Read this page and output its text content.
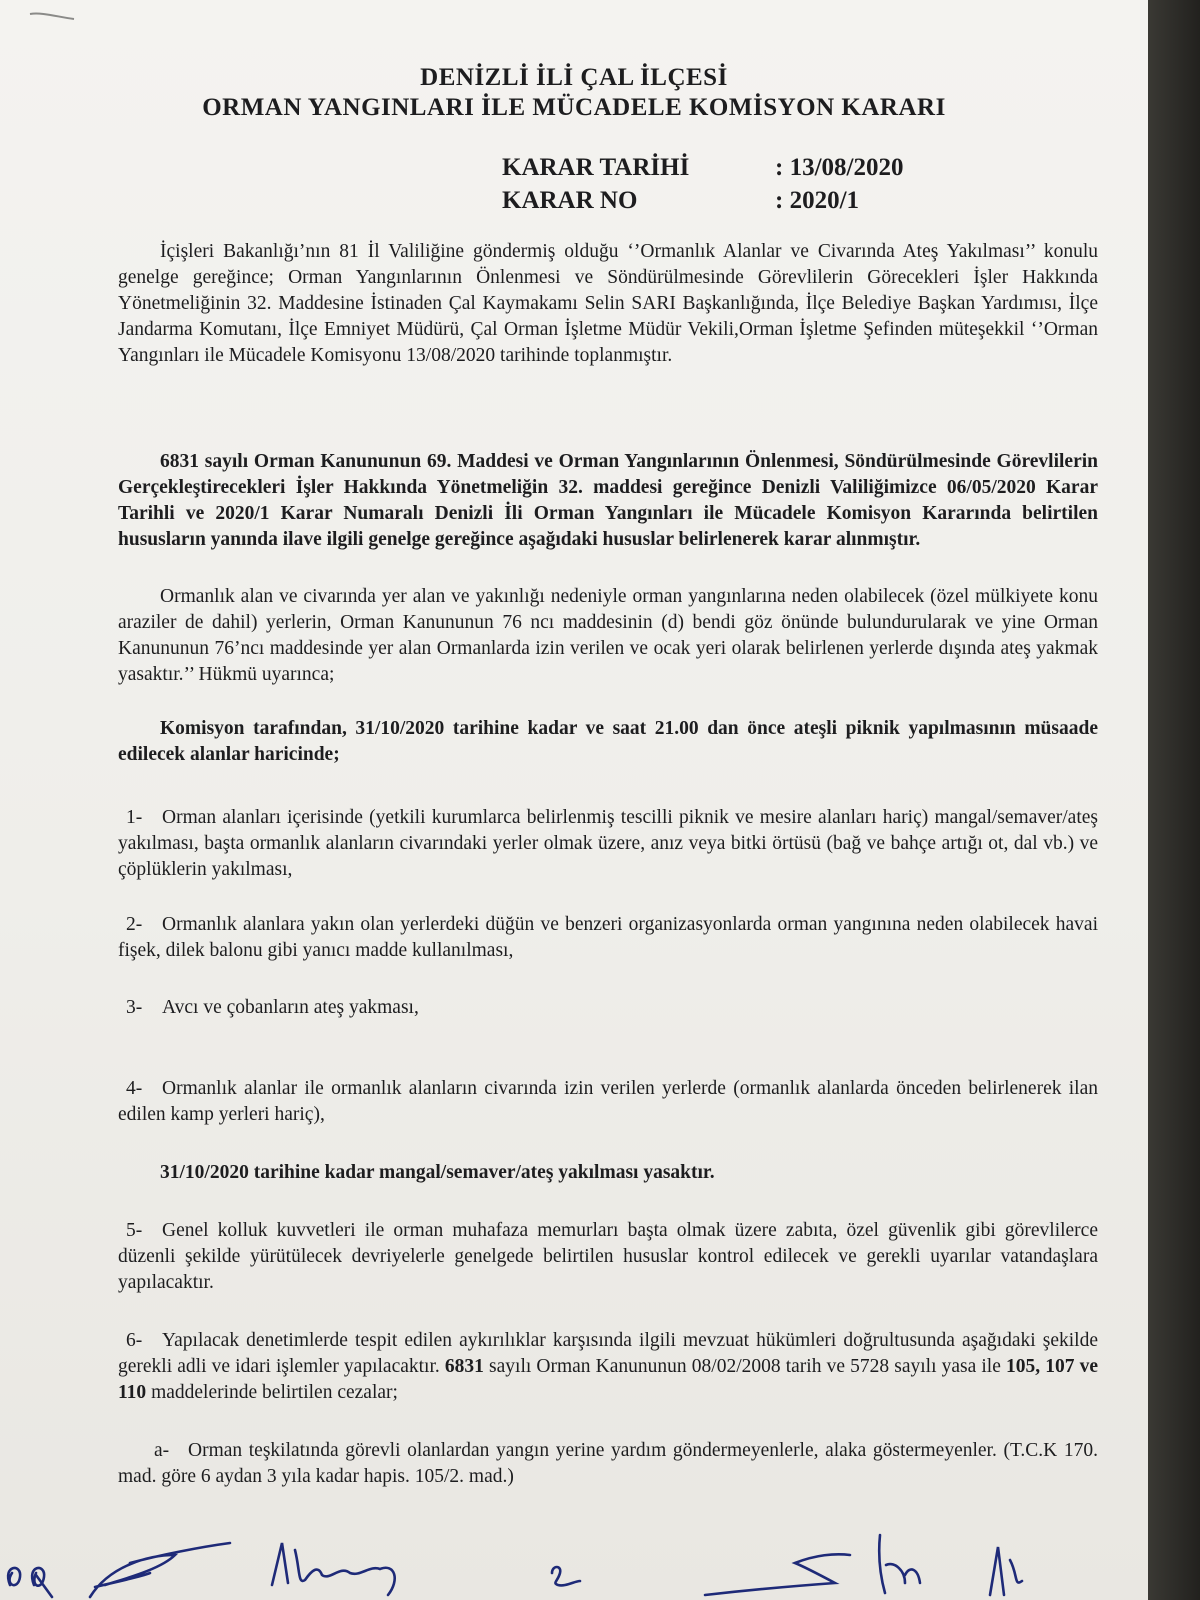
DENİZLİ İLİ ÇAL İLÇESİ
ORMAN YANGINLARI İLE MÜCADELE KOMİSYON KARARI
KARAR TARİHİ	: 13/08/2020
KARAR NO	: 2020/1

İçişleri Bakanlığı’nın 81 İl Valiliğine göndermiş olduğu ‘’Ormanlık Alanlar ve Civarında Ateş Yakılması’’ konulu genelge gereğince; Orman Yangınlarının Önlenmesi ve Söndürülmesinde Görevlilerin Görecekleri İşler Hakkında Yönetmeliğinin 32. Maddesine İstinaden Çal Kaymakamı Selin SARI Başkanlığında, İlçe Belediye Başkan Yardımısı, İlçe Jandarma Komutanı, İlçe Emniyet Müdürü, Çal Orman İşletme Müdür Vekili,Orman İşletme Şefinden müteşekkil ‘’Orman Yangınları ile Mücadele Komisyonu 13/08/2020 tarihinde toplanmıştır.

6831 sayılı Orman Kanununun 69. Maddesi ve Orman Yangınlarının Önlenmesi, Söndürülmesinde Görevlilerin Gerçekleştirecekleri İşler Hakkında Yönetmeliğin 32. maddesi gereğince Denizli Valiliğimizce 06/05/2020 Karar Tarihli ve 2020/1 Karar Numaralı Denizli İli Orman Yangınları ile Mücadele Komisyon Kararında belirtilen hususların yanında ilave ilgili genelge gereğince aşağıdaki hususlar belirlenerek karar alınmıştır.

Ormanlık alan ve civarında yer alan ve yakınlığı nedeniyle orman yangınlarına neden olabilecek (özel mülkiyete konu araziler de dahil) yerlerin, Orman Kanununun 76 ncı maddesinin (d) bendi göz önünde bulundurularak ve yine Orman Kanununun 76’ncı maddesinde yer alan Ormanlarda izin verilen ve ocak yeri olarak belirlenen yerlerde dışında ateş yakmak yasaktır.’’ Hükmü uyarınca;

Komisyon tarafından, 31/10/2020 tarihine kadar ve saat 21.00 dan önce ateşli piknik yapılmasının müsaade edilecek alanlar haricinde;

1- Orman alanları içerisinde (yetkili kurumlarca belirlenmiş tescilli piknik ve mesire alanları hariç) mangal/semaver/ateş yakılması, başta ormanlık alanların civarındaki yerler olmak üzere, anız veya bitki örtüsü (bağ ve bahçe artığı ot, dal vb.) ve çöplüklerin yakılması,

2- Ormanlık alanlara yakın olan yerlerdeki düğün ve benzeri organizasyonlarda orman yangınına neden olabilecek havai fişek, dilek balonu gibi yanıcı madde kullanılması,

3- Avcı ve çobanların ateş yakması,

4- Ormanlık alanlar ile ormanlık alanların civarında izin verilen yerlerde (ormanlık alanlarda önceden belirlenerek ilan edilen kamp yerleri hariç),

31/10/2020 tarihine kadar mangal/semaver/ateş yakılması yasaktır.

5- Genel kolluk kuvvetleri ile orman muhafaza memurları başta olmak üzere zabıta, özel güvenlik gibi görevlilerce düzenli şekilde yürütülecek devriyelerle genelgede belirtilen hususlar kontrol edilecek ve gerekli uyarılar vatandaşlara yapılacaktır.

6- Yapılacak denetimlerde tespit edilen aykırılıklar karşısında ilgili mevzuat hükümleri doğrultusunda aşağıdaki şekilde gerekli adli ve idari işlemler yapılacaktır. 6831 sayılı Orman Kanununun 08/02/2008 tarih ve 5728 sayılı yasa ile 105, 107 ve 110 maddelerinde belirtilen cezalar;

a- Orman teşkilatında görevli olanlardan yangın yerine yardım göndermeyenlerle, alaka göstermeyenler. (T.C.K 170. mad. göre 6 aydan 3 yıla kadar hapis. 105/2. mad.)
